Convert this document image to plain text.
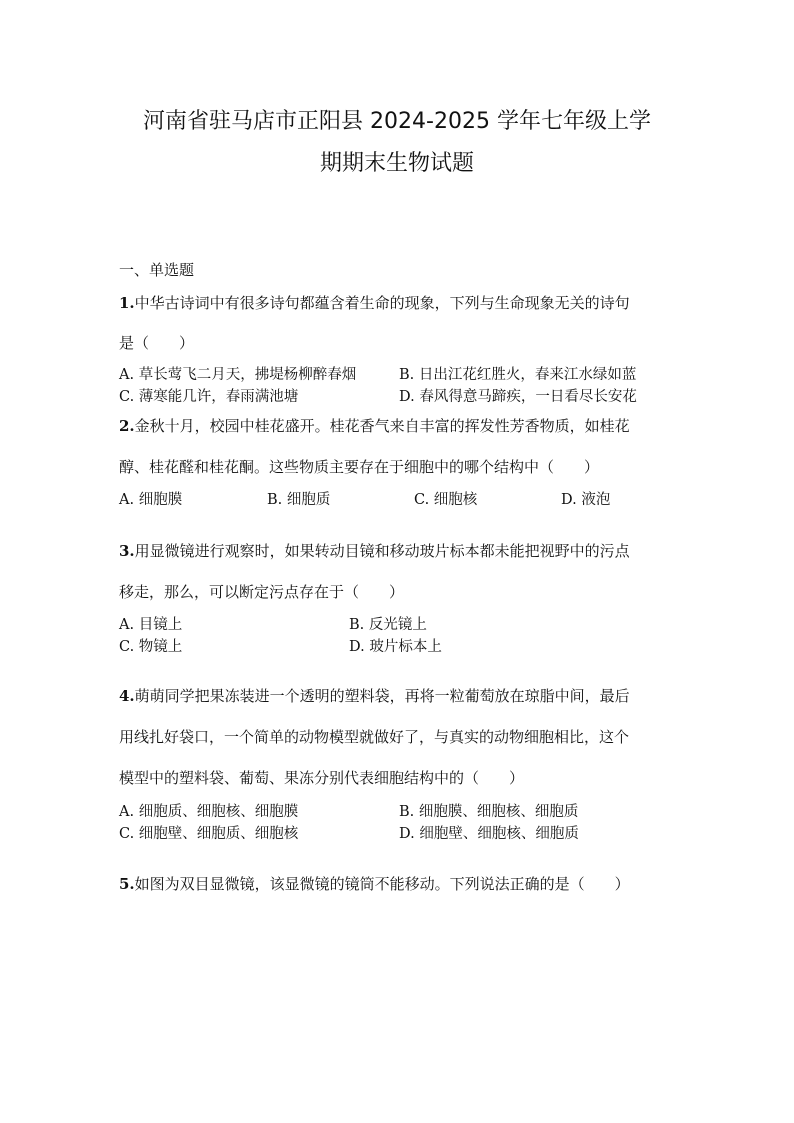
河南省驻马店市正阳县 2024-2025 学年七年级上学
期期末生物试题
一、单选题
1.中华古诗词中有很多诗句都蕴含着生命的现象，下列与生命现象无关的诗句
是（　　）
A. 草长莺飞二月天，拂堤杨柳醉春烟	B. 日出江花红胜火，春来江水绿如蓝
C. 薄寒能几许，春雨满池塘	D. 春风得意马蹄疾，一日看尽长安花
2.金秋十月，校园中桂花盛开。桂花香气来自丰富的挥发性芳香物质，如桂花
醇、桂花醛和桂花酮。这些物质主要存在于细胞中的哪个结构中（　　）
A. 细胞膜	B. 细胞质	C. 细胞核	D. 液泡
3.用显微镜进行观察时，如果转动目镜和移动玻片标本都未能把视野中的污点
移走，那么，可以断定污点存在于（　　）
A. 目镜上	B. 反光镜上
C. 物镜上	D. 玻片标本上
4.萌萌同学把果冻装进一个透明的塑料袋，再将一粒葡萄放在琼脂中间，最后
用线扎好袋口，一个简单的动物模型就做好了，与真实的动物细胞相比，这个
模型中的塑料袋、葡萄、果冻分别代表细胞结构中的（　　）
A. 细胞质、细胞核、细胞膜	B. 细胞膜、细胞核、细胞质
C. 细胞壁、细胞质、细胞核	D. 细胞壁、细胞核、细胞质
5.如图为双目显微镜，该显微镜的镜筒不能移动。下列说法正确的是（　　）
